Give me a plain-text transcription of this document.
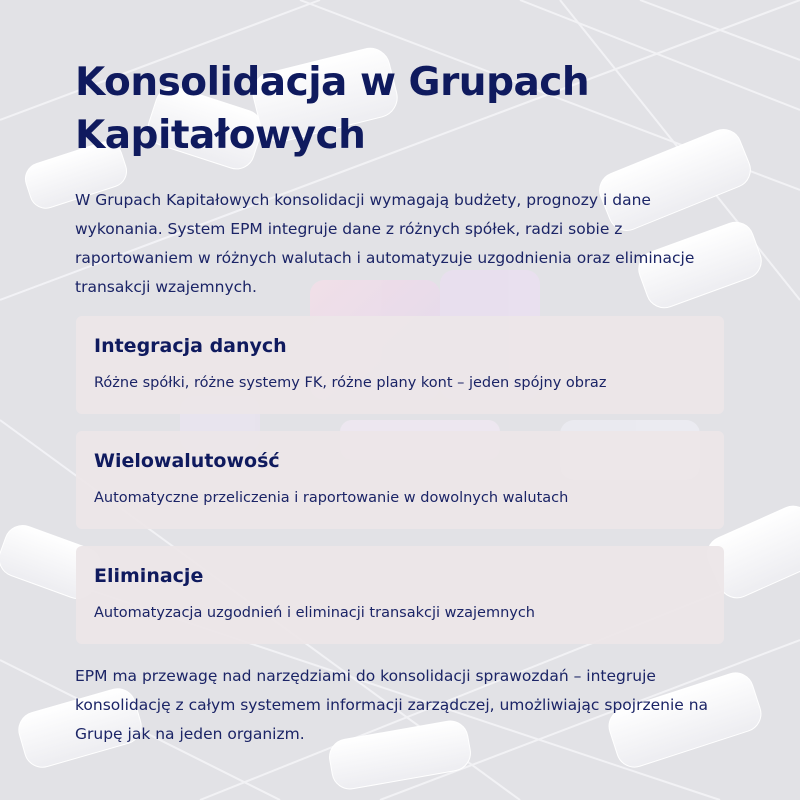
Konsolidacja w Grupach Kapitałowych

W Grupach Kapitałowych konsolidacji wymagają budżety, prognozy i dane wykonania. System EPM integruje dane z różnych spółek, radzi sobie z raportowaniem w różnych walutach i automatyzuje uzgodnienia oraz eliminacje transakcji wzajemnych.

Integracja danych

Różne spółki, różne systemy FK, różne plany kont – jeden spójny obraz

Wielowalutowość

Automatyczne przeliczenia i raportowanie w dowolnych walutach

Eliminacje

Automatyzacja uzgodnień i eliminacji transakcji wzajemnych

EPM ma przewagę nad narzędziami do konsolidacji sprawozdań – integruje konsolidację z całym systemem informacji zarządczej, umożliwiając spojrzenie na Grupę jak na jeden organizm.
